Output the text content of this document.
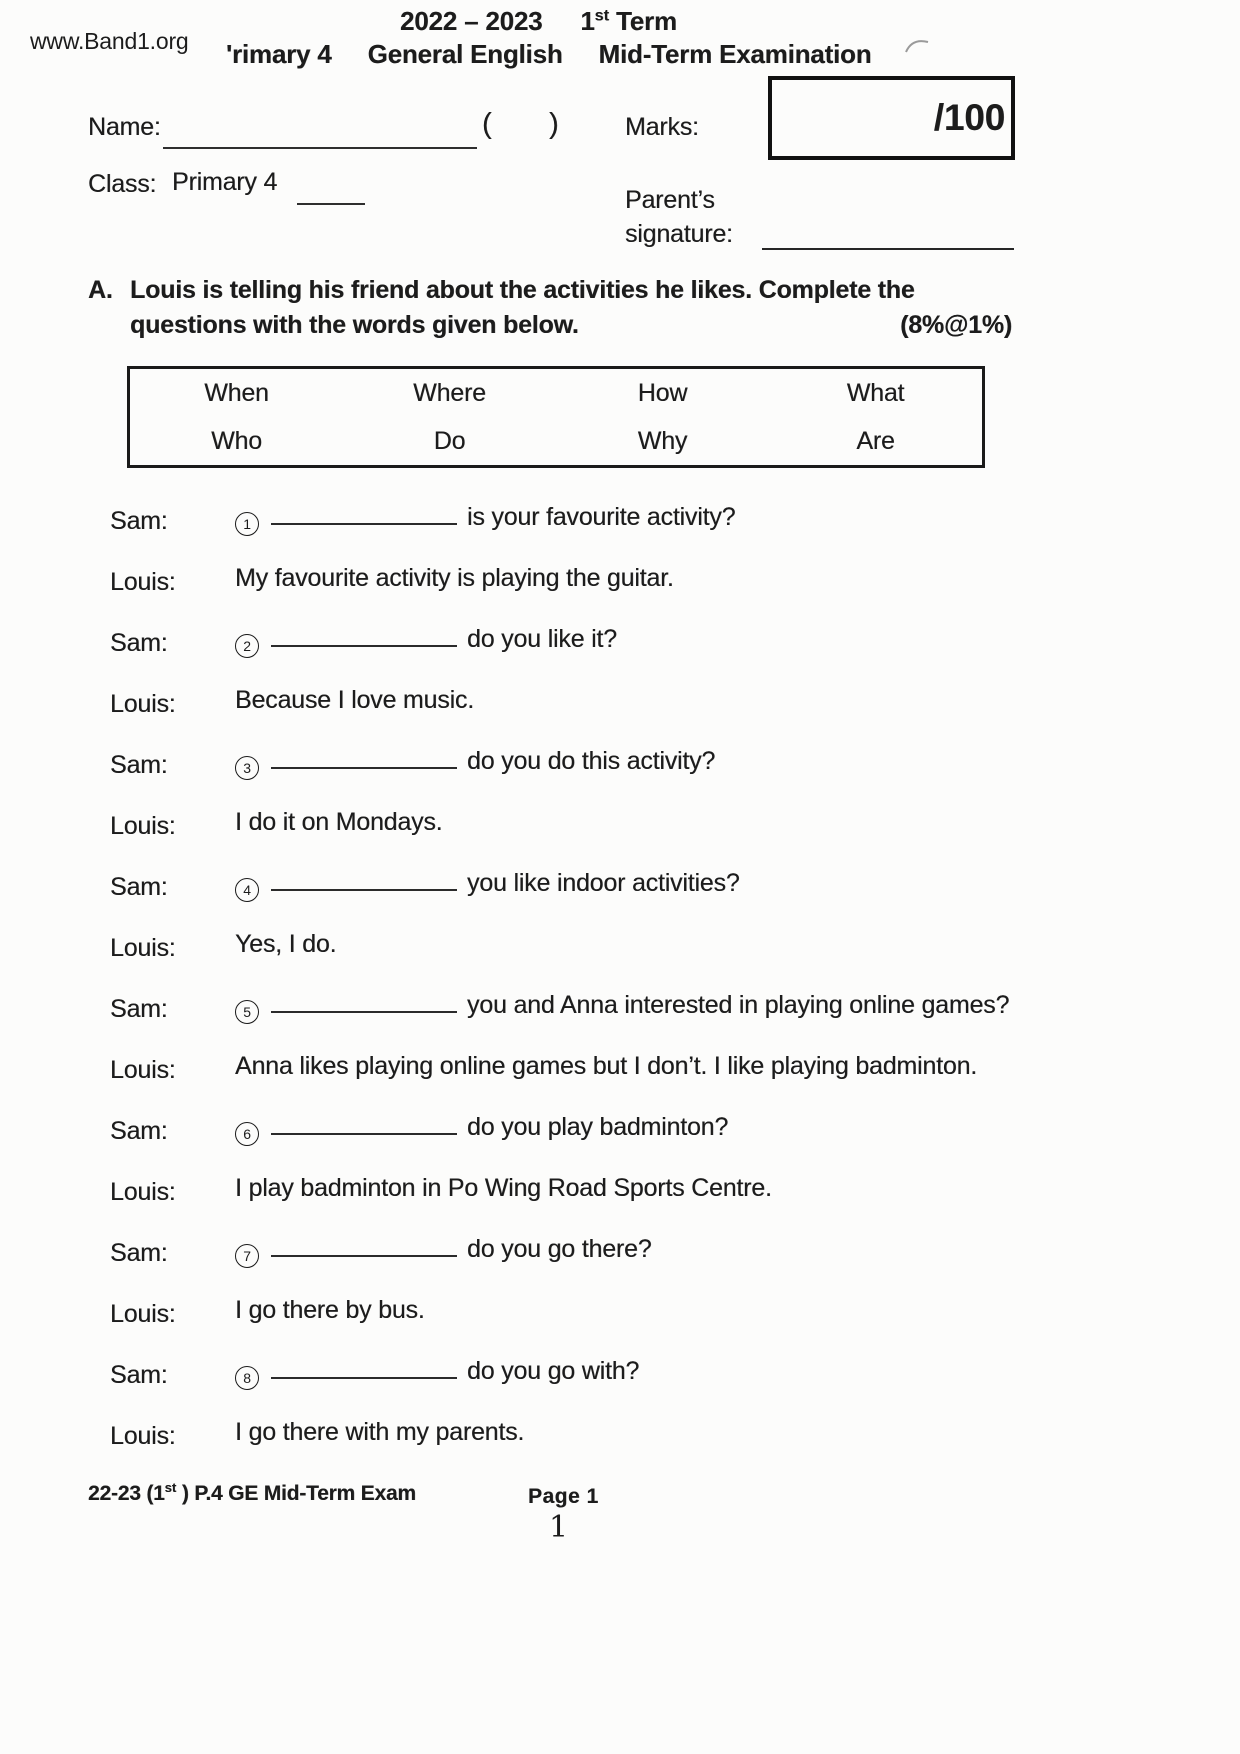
www.Band1.org
2022 – 2023 1st Term
'rimary 4 General English Mid-Term Examination
Name:	( )	Marks:	/100
Class: Primary 4
Parent’s
signature:
A. Louis is telling his friend about the activities he likes. Complete the
questions with the words given below.	(8%@1%)
When	Where	How	What
Who	Do	Why	Are
Sam:	1	is your favourite activity?
Louis: My favourite activity is playing the guitar.
Sam:	2	do you like it?
Louis: Because I love music.
Sam:	3	do you do this activity?
Louis: I do it on Mondays.
Sam:	4	you like indoor activities?
Louis: Yes, I do.
Sam:	5	you and Anna interested in playing online games?
Louis: Anna likes playing online games but I don’t. I like playing badminton.
Sam:	6	do you play badminton?
Louis: I play badminton in Po Wing Road Sports Centre.
Sam:	7	do you go there?
Louis: I go there by bus.
Sam:	8	do you go with?
Louis: I go there with my parents.
22-23 (1st ) P.4 GE Mid-Term Exam	Page 1
1
